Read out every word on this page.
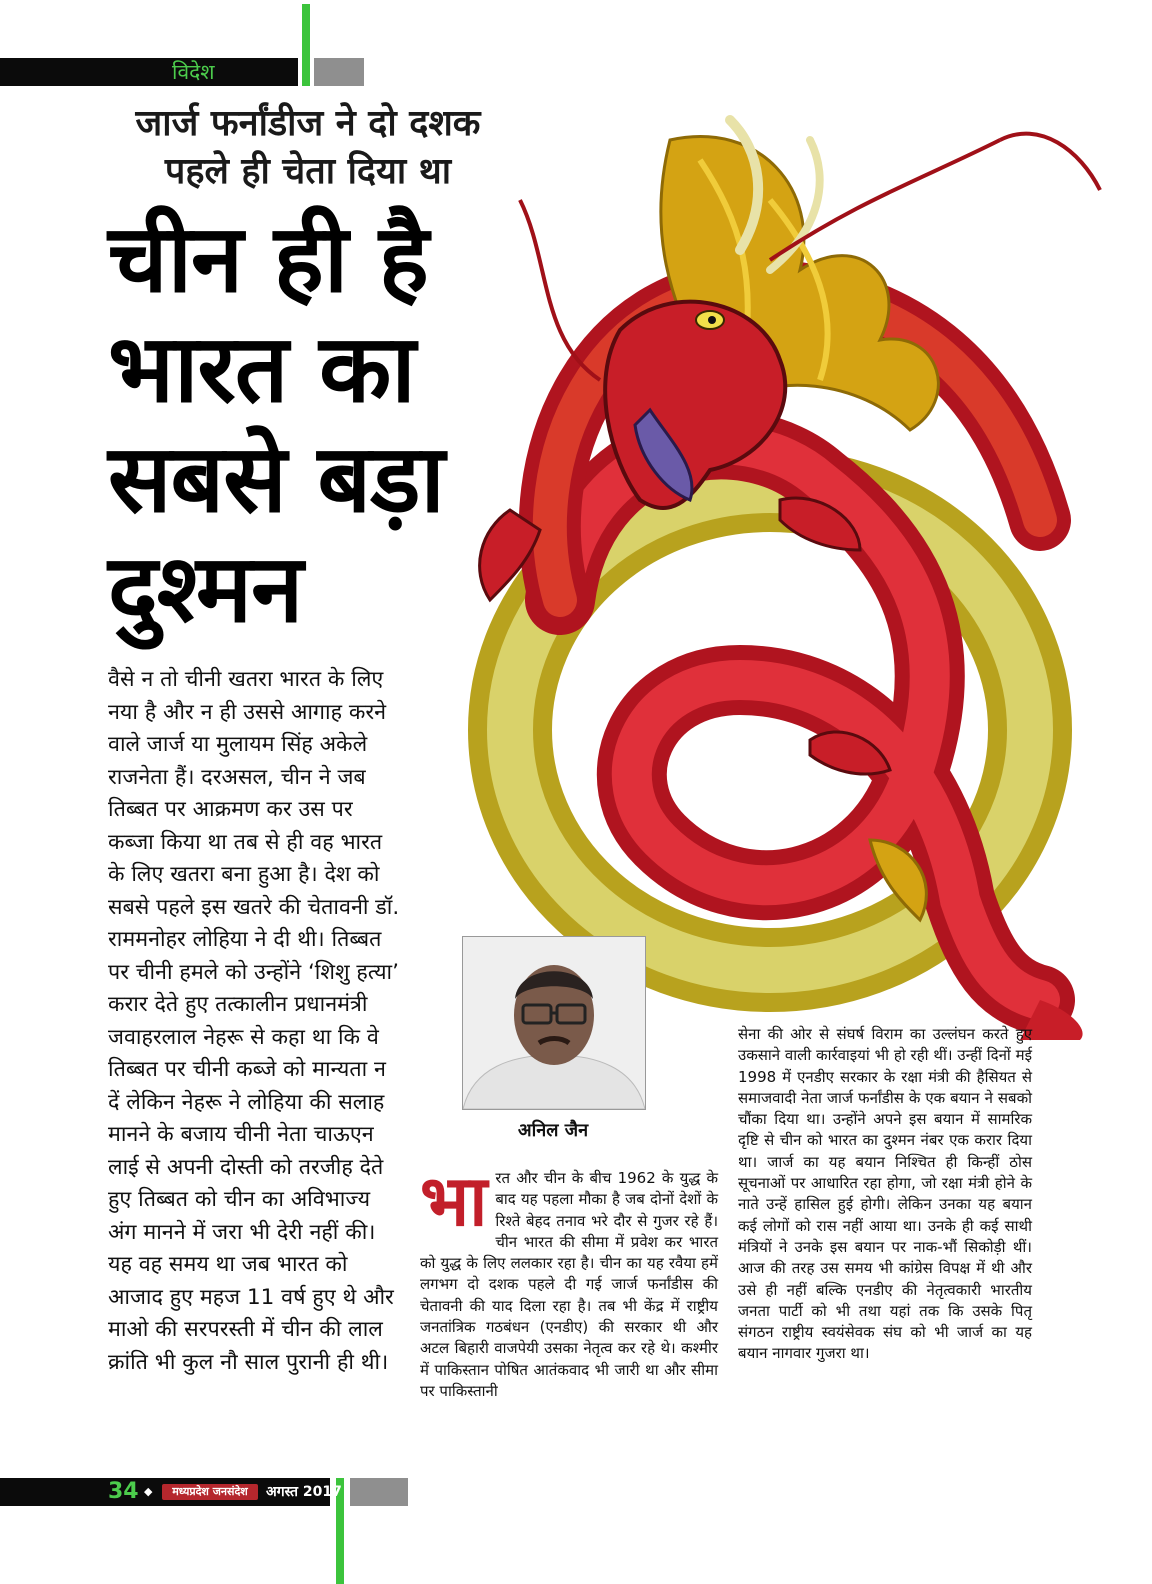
विदेश
जार्ज फर्नांडीज ने दो दशक
पहले ही चेता दिया था
चीन ही है
भारत का
सबसे बड़ा
दुश्मन
वैसे न तो चीनी खतरा भारत के लिए नया है और न ही उससे आगाह करने वाले जार्ज या मुलायम सिंह अकेले राजनेता हैं। दरअसल, चीन ने जब तिब्बत पर आक्रमण कर उस पर कब्जा किया था तब से ही वह भारत के लिए खतरा बना हुआ है। देश को सबसे पहले इस खतरे की चेतावनी डॉ. राममनोहर लोहिया ने दी थी। तिब्बत पर चीनी हमले को उन्होंने ‘शिशु हत्या’ करार देते हुए तत्कालीन प्रधानमंत्री जवाहरलाल नेहरू से कहा था कि वे तिब्बत पर चीनी कब्जे को मान्यता न दें लेकिन नेहरू ने लोहिया की सलाह मानने के बजाय चीनी नेता चाऊएन लाई से अपनी दोस्ती को तरजीह देते हुए तिब्बत को चीन का अविभाज्य अंग मानने में जरा भी देरी नहीं की। यह वह समय था जब भारत को आजाद हुए महज 11 वर्ष हुए थे और माओ की सरपरस्ती में चीन की लाल क्रांति भी कुल नौ साल पुरानी ही थी।
अनिल जैन
भारत और चीन के बीच 1962 के युद्ध के बाद यह पहला मौका है जब दोनों देशों के रिश्ते बेहद तनाव भरे दौर से गुजर रहे हैं। चीन भारत की सीमा में प्रवेश कर भारत को युद्ध के लिए ललकार रहा है। चीन का यह रवैया हमें लगभग दो दशक पहले दी गई जार्ज फर्नांडीस की चेतावनी की याद दिला रहा है। तब भी केंद्र में राष्ट्रीय जनतांत्रिक गठबंधन (एनडीए) की सरकार थी और अटल बिहारी वाजपेयी उसका नेतृत्व कर रहे थे। कश्मीर में पाकिस्तान पोषित आतंकवाद भी जारी था और सीमा पर पाकिस्तानी
सेना की ओर से संघर्ष विराम का उल्लंघन करते हुए उकसाने वाली कार्रवाइयां भी हो रही थीं। उन्हीं दिनों मई 1998 में एनडीए सरकार के रक्षा मंत्री की हैसियत से समाजवादी नेता जार्ज फर्नांडीस के एक बयान ने सबको चौंका दिया था। उन्होंने अपने इस बयान में सामरिक दृष्टि से चीन को भारत का दुश्मन नंबर एक करार दिया था। जार्ज का यह बयान निश्चित ही किन्हीं ठोस सूचनाओं पर आधारित रहा होगा, जो रक्षा मंत्री होने के नाते उन्हें हासिल हुई होगी। लेकिन उनका यह बयान कई लोगों को रास नहीं आया था। उनके ही कई साथी मंत्रियों ने उनके इस बयान पर नाक-भौं सिकोड़ी थीं। आज की तरह उस समय भी कांग्रेस विपक्ष में थी और उसे ही नहीं बल्कि एनडीए की नेतृत्वकारी भारतीय जनता पार्टी को भी तथा यहां तक कि उसके पितृ संगठन राष्ट्रीय स्वयंसेवक संघ को भी जार्ज का यह बयान नागवार गुजरा था।
34 ◆	मध्यप्रदेश जनसंदेश	अगस्त 2017
